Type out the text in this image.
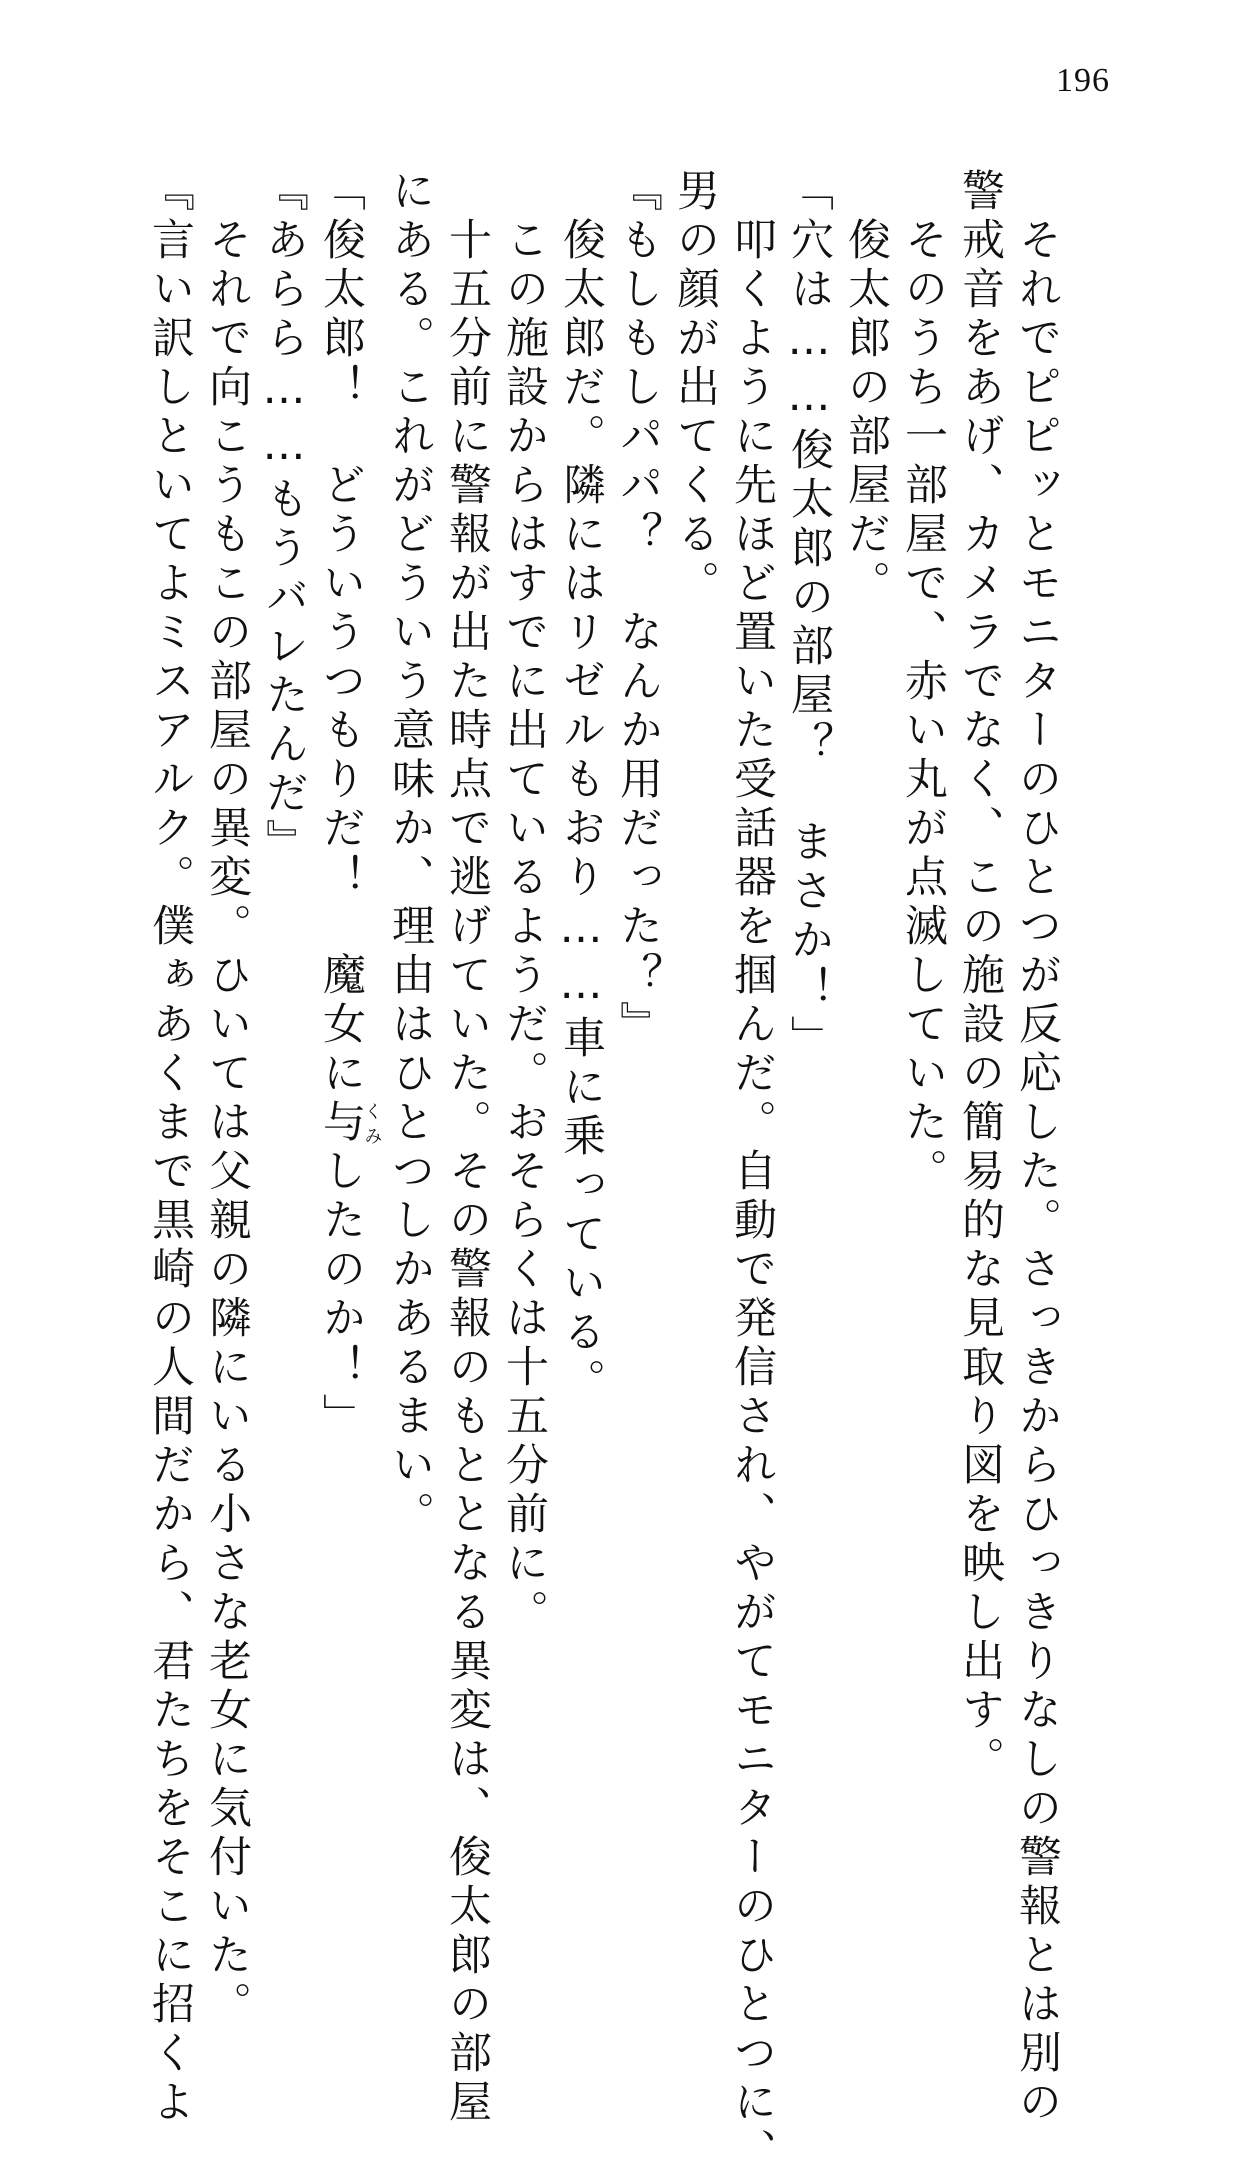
196
　それでピピッとモニターのひとつが反応した。さっきからひっきりなしの警報とは別の
警戒音をあげ、カメラでなく、この施設の簡易的な見取り図を映し出す。
　そのうち一部屋で、赤い丸が点滅していた。
　俊太郎の部屋だ。
「穴は……俊太郎の部屋？　まさか！」
　叩くように先ほど置いた受話器を掴んだ。自動で発信され、やがてモニターのひとつに、
男の顔が出てくる。
『もしもしパパ？　なんか用だった？』
　俊太郎だ。隣にはリゼルもおり……車に乗っている。
　この施設からはすでに出ているようだ。おそらくは十五分前に。
　十五分前に警報が出た時点で逃げていた。その警報のもととなる異変は、俊太郎の部屋
にある。これがどういう意味か、理由はひとつしかあるまい。
「俊太郎！　どういうつもりだ！　魔女に与くみしたのか！」
『あらら……もうバレたんだ』
　それで向こうもこの部屋の異変。ひいては父親の隣にいる小さな老女に気付いた。
『言い訳しといてよミスアルク。僕ぁあくまで黒崎の人間だから、君たちをそこに招くよ
